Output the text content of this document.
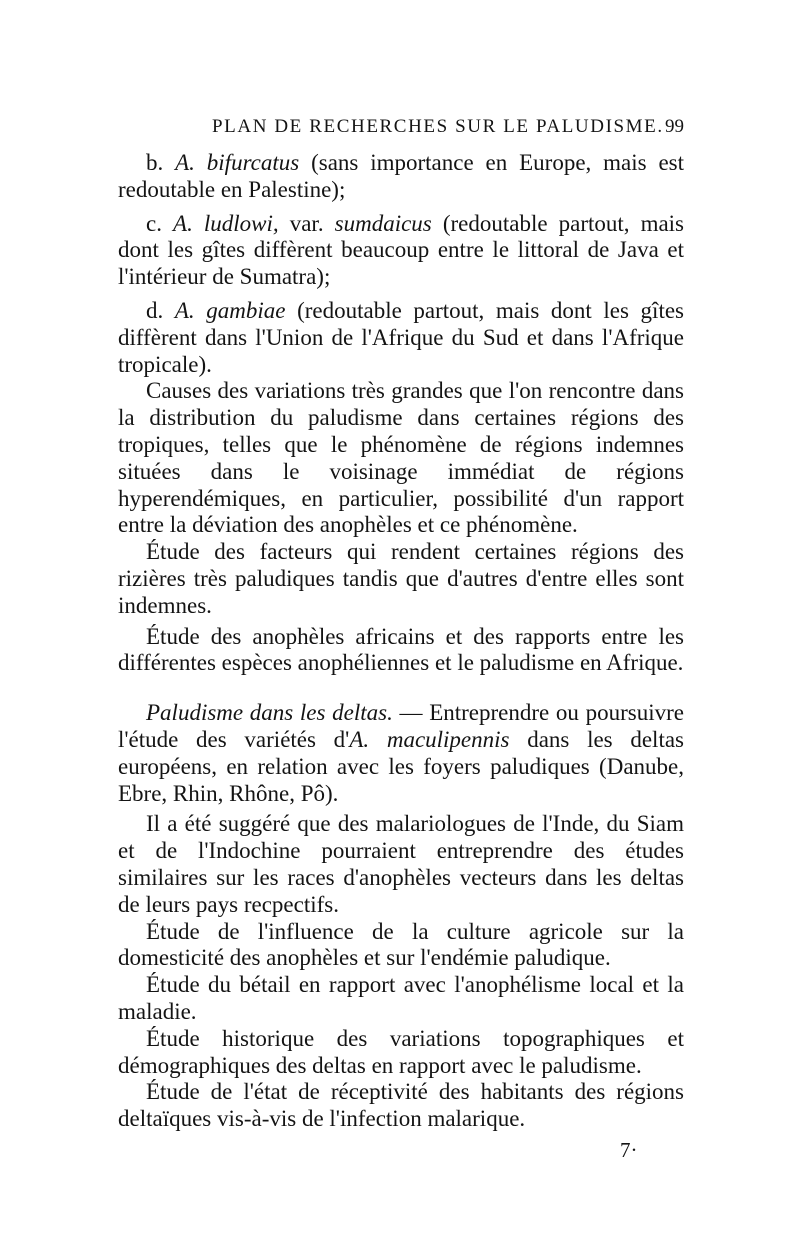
PLAN DE RECHERCHES SUR LE PALUDISME. 99

b. A. bifurcatus (sans importance en Europe, mais est redoutable en Palestine);

c. A. ludlowi, var. sumdaicus (redoutable partout, mais dont les gîtes diffèrent beaucoup entre le littoral de Java et l'intérieur de Sumatra);

d. A. gambiae (redoutable partout, mais dont les gîtes diffèrent dans l'Union de l'Afrique du Sud et dans l'Afrique tropicale).

Causes des variations très grandes que l'on rencontre dans la distribution du paludisme dans certaines régions des tropiques, telles que le phénomène de régions indemnes situées dans le voisinage immédiat de régions hyperendémiques, en particulier, possibilité d'un rapport entre la déviation des anophèles et ce phénomène.

Étude des facteurs qui rendent certaines régions des rizières très paludiques tandis que d'autres d'entre elles sont indemnes.

Étude des anophèles africains et des rapports entre les différentes espèces anophéliennes et le paludisme en Afrique.

Paludisme dans les deltas. — Entreprendre ou poursuivre l'étude des variétés d'A. maculipennis dans les deltas européens, en relation avec les foyers paludiques (Danube, Ebre, Rhin, Rhône, Pô).

Il a été suggéré que des malariologues de l'Inde, du Siam et de l'Indochine pourraient entreprendre des études similaires sur les races d'anophèles vecteurs dans les deltas de leurs pays recpectifs.

Étude de l'influence de la culture agricole sur la domesticité des anophèles et sur l'endémie paludique.

Étude du bétail en rapport avec l'anophélisme local et la maladie.

Étude historique des variations topographiques et démographiques des deltas en rapport avec le paludisme.

Étude de l'état de réceptivité des habitants des régions deltaïques vis-à-vis de l'infection malarique.

7·
